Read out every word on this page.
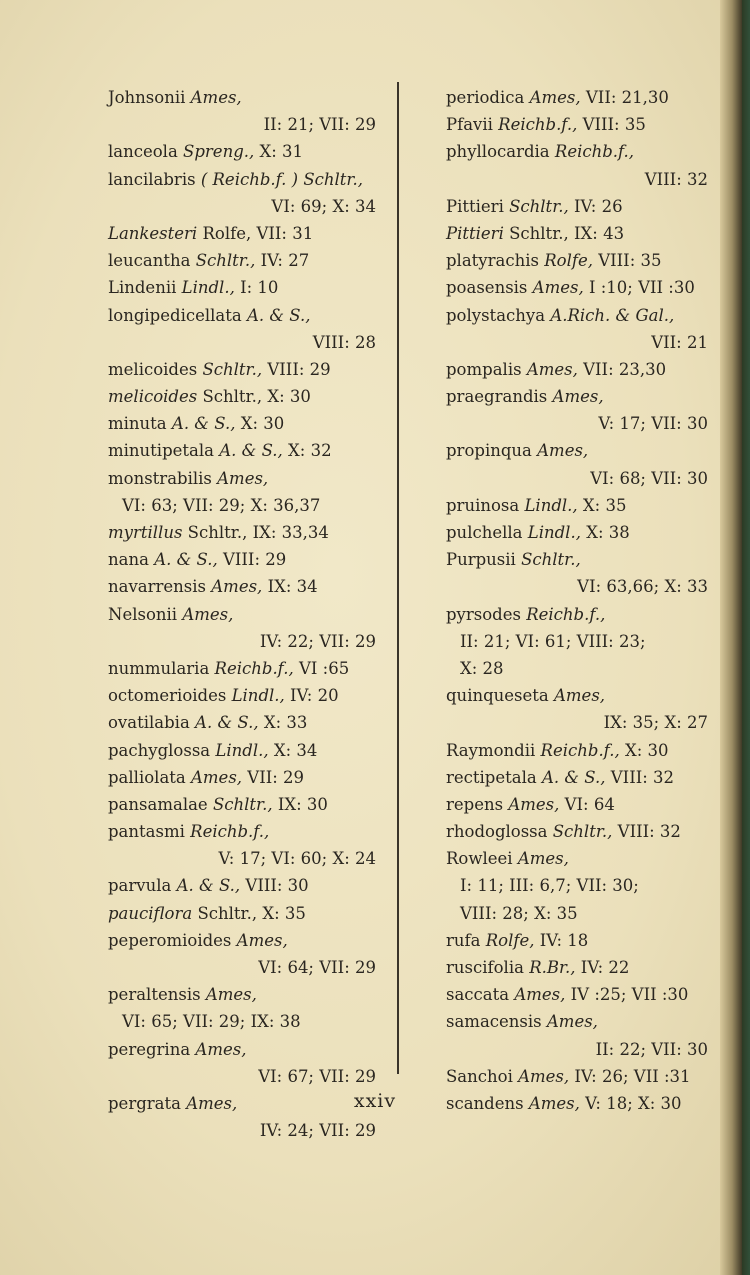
Johnsonii Ames,
II: 21; VII: 29
lanceola Spreng., X: 31
lancilabris ( Reichb.f. ) Schltr.,
VI: 69; X: 34
Lankesteri Rolfe, VII: 31
leucantha Schltr., IV: 27
Lindenii Lindl., I: 10
longipedicellata A. & S.,
VIII: 28
melicoides Schltr., VIII: 29
melicoides Schltr., X: 30
minuta A. & S., X: 30
minutipetala A. & S., X: 32
monstrabilis Ames,
VI: 63; VII: 29; X: 36,37
myrtillus Schltr., IX: 33,34
nana A. & S., VIII: 29
navarrensis Ames, IX: 34
Nelsonii Ames,
IV: 22; VII: 29
nummularia Reichb.f., VI :65
octomerioides Lindl., IV: 20
ovatilabia A. & S., X: 33
pachyglossa Lindl., X: 34
palliolata Ames, VII: 29
pansamalae Schltr., IX: 30
pantasmi Reichb.f.,
V: 17; VI: 60; X: 24
parvula A. & S., VIII: 30
pauciflora Schltr., X: 35
peperomioides Ames,
VI: 64; VII: 29
peraltensis Ames,
VI: 65; VII: 29; IX: 38
peregrina Ames,
VI: 67; VII: 29
pergrata Ames,
IV: 24; VII: 29
periodica Ames, VII: 21,30
Pfavii Reichb.f., VIII: 35
phyllocardia Reichb.f.,
VIII: 32
Pittieri Schltr., IV: 26
Pittieri Schltr., IX: 43
platyrachis Rolfe, VIII: 35
poasensis Ames, I :10; VII :30
polystachya A.Rich. & Gal.,
VII: 21
pompalis Ames, VII: 23,30
praegrandis Ames,
V: 17; VII: 30
propinqua Ames,
VI: 68; VII: 30
pruinosa Lindl., X: 35
pulchella Lindl., X: 38
Purpusii Schltr.,
VI: 63,66; X: 33
pyrsodes Reichb.f.,
II: 21; VI: 61; VIII: 23;
X: 28
quinqueseta Ames,
IX: 35; X: 27
Raymondii Reichb.f., X: 30
rectipetala A. & S., VIII: 32
repens Ames, VI: 64
rhodoglossa Schltr., VIII: 32
Rowleei Ames,
I: 11; III: 6,7; VII: 30;
VIII: 28; X: 35
rufa Rolfe, IV: 18
ruscifolia R.Br., IV: 22
saccata Ames, IV :25; VII :30
samacensis Ames,
II: 22; VII: 30
Sanchoi Ames, IV: 26; VII :31
scandens Ames, V: 18; X: 30
xxiv
